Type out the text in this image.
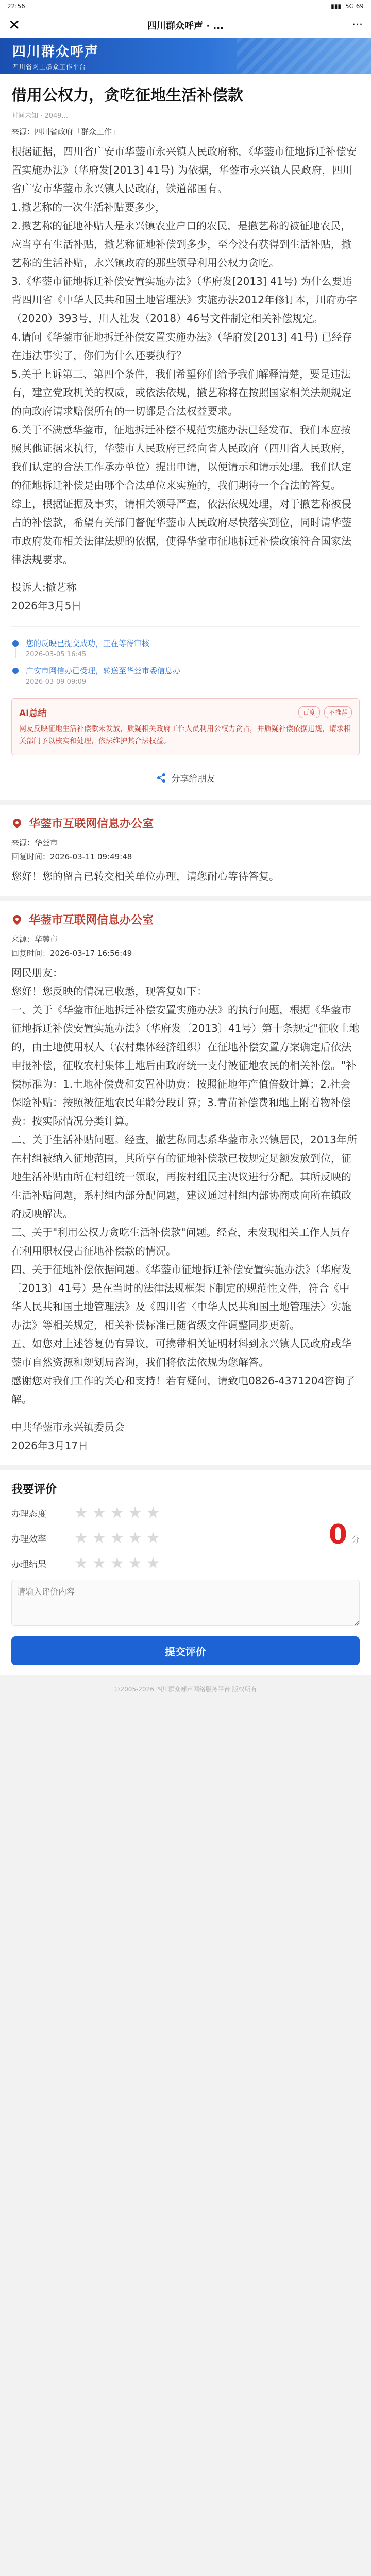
22:56	▮▮▮ 5G 69
✕	四川群众呼声 · ...	···
四川群众呼声
四川省网上群众工作平台
借用公权力，贪吃征地生活补偿款
时间未知 · 2049...
来源：四川省政府「群众工作」

根据证据，四川省广安市华蓥市永兴镇人民政府称，《华蓥市征地拆迁补偿安置实施办法》（华府发[2013] 41号) 为依据，华蓥市永兴镇人民政府，四川省广安市华蓥市永兴镇人民政府，铁道部国有。

1.撤艺称的一次生活补贴要多少，

2.撤艺称的征地补贴人是永兴镇农业户口的农民，是撤艺称的被征地农民，应当享有生活补贴，撤艺称征地补偿到多少，至今没有获得到生活补贴，撤艺称的生活补贴，永兴镇政府的那些领导利用公权力贪吃。

3.《华蓥市征地拆迁补偿安置实施办法》（华府发[2013] 41号) 为什么要违背四川省《中华人民共和国土地管理法》实施办法2012年修订本，川府办字（2020）393号，川人社发（2018）46号文件制定相关补偿规定。

4.请问《华蓥市征地拆迁补偿安置实施办法》（华府发[2013] 41号) 已经存在违法事实了，你们为什么还要执行？

5.关于上诉第三、第四个条件，我们希望你们给予我们解释清楚，要是违法有，建立党政机关的权威，或依法依规，撤艺称将在按照国家相关法规规定的向政府请求赔偿所有的一切都是合法权益要求。

6.关于不满意华蓥市，征地拆迁补偿不规范实施办法已经发布，我们本应按照其他证据来执行，华蓥市人民政府已经向省人民政府（四川省人民政府，我们认定的合法工作承办单位）提出申请，以便请示和请示处理。我们认定的征地拆迁补偿是由哪个合法单位来实施的，我们期待一个合法的答复。

综上，根据证据及事实，请相关领导严查，依法依规处理，对于撤艺称被侵占的补偿款，希望有关部门督促华蓥市人民政府尽快落实到位，同时请华蓥市政府发布相关法律法规的依据，使得华蓥市征地拆迁补偿政策符合国家法律法规要求。

投诉人:撤艺称

2026年3月5日

您的反映已提交成功，正在等待审核
2026-03-05 16:45
广安市网信办已受理，转送至华蓥市委信息办
2026-03-09 09:09
AI总结	百度	不推荐
网友反映征地生活补偿款未发放，质疑相关政府工作人员利用公权力贪占，并质疑补偿依据违规，请求相关部门予以核实和处理，依法维护其合法权益。
分享给朋友
华蓥市互联网信息办公室
来源：华蓥市
回复时间：2026-03-11 09:49:48

您好！您的留言已转交相关单位办理，请您耐心等待答复。

华蓥市互联网信息办公室
来源：华蓥市
回复时间：2026-03-17 16:56:49

网民朋友：

您好！您反映的情况已收悉，现答复如下：

一、关于《华蓥市征地拆迁补偿安置实施办法》的执行问题，根据《华蓥市征地拆迁补偿安置实施办法》（华府发〔2013〕41号）第十条规定"征收土地的，由土地使用权人（农村集体经济组织）在征地补偿安置方案确定后依法申报补偿，征收农村集体土地后由政府统一支付被征地农民的相关补偿。"补偿标准为：1.土地补偿费和安置补助费：按照征地年产值倍数计算；2.社会保险补贴：按照被征地农民年龄分段计算；3.青苗补偿费和地上附着物补偿费：按实际情况分类计算。

二、关于生活补贴问题。经查，撤艺称同志系华蓥市永兴镇居民，2013年所在村组被纳入征地范围，其所享有的征地补偿款已按规定足额发放到位，征地生活补贴由所在村组统一领取，再按村组民主决议进行分配。其所反映的生活补贴问题，系村组内部分配问题，建议通过村组内部协商或向所在镇政府反映解决。

三、关于"利用公权力贪吃生活补偿款"问题。经查，未发现相关工作人员存在利用职权侵占征地补偿款的情况。

四、关于征地补偿依据问题。《华蓥市征地拆迁补偿安置实施办法》（华府发〔2013〕41号）是在当时的法律法规框架下制定的规范性文件，符合《中华人民共和国土地管理法》及《四川省〈中华人民共和国土地管理法〉实施办法》等相关规定，相关补偿标准已随省级文件调整同步更新。

五、如您对上述答复仍有异议，可携带相关证明材料到永兴镇人民政府或华蓥市自然资源和规划局咨询，我们将依法依规为您解答。

感谢您对我们工作的关心和支持！若有疑问，请致电0826-4371204咨询了解。

中共华蓥市永兴镇委员会

2026年3月17日

我要评价
办理态度	★ ★ ★ ★ ★
办理效率	★ ★ ★ ★ ★
办理结果	★ ★ ★ ★ ★
0 分
请输入评价内容
提交评价
©2005-2026 四川群众呼声网络服务平台 版权所有
